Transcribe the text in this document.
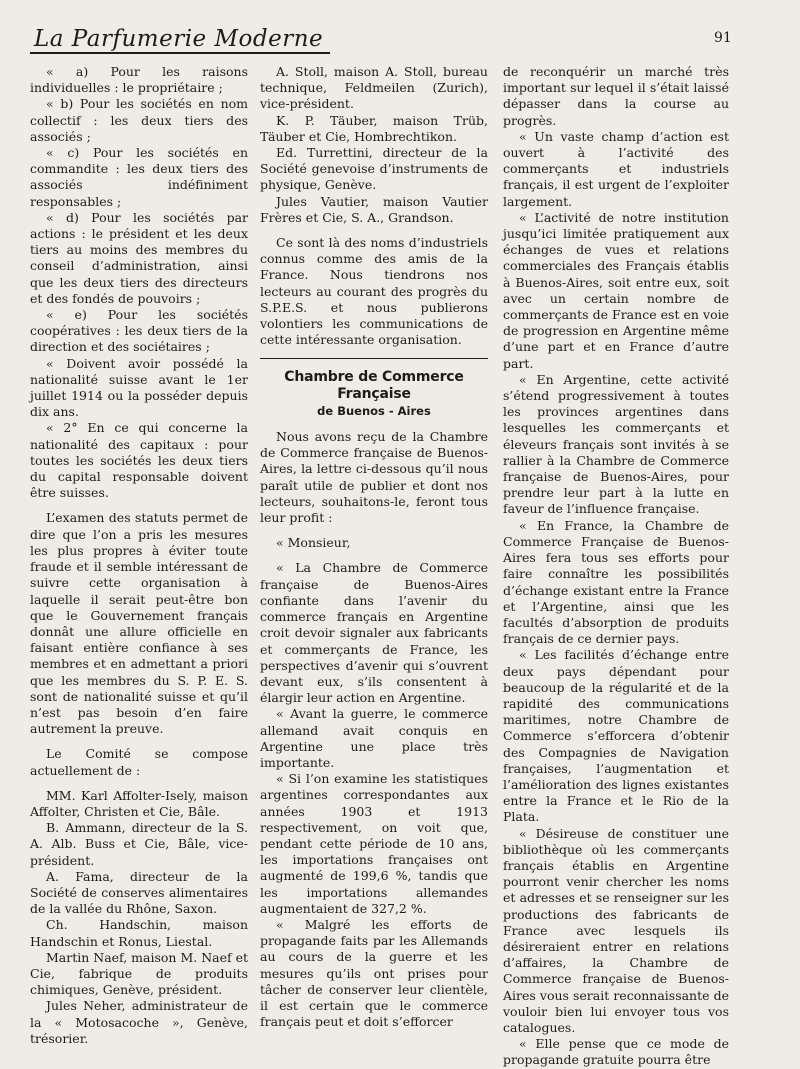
La Parfumerie Moderne	91

« a) Pour les raisons individuelles : le propriétaire ;

« b) Pour les sociétés en nom collectif : les deux tiers des associés ;

« c) Pour les sociétés en commandite : les deux tiers des associés indéfiniment responsables ;

« d) Pour les sociétés par actions : le président et les deux tiers au moins des membres du conseil d’administration, ainsi que les deux tiers des directeurs et des fondés de pouvoirs ;

« e) Pour les sociétés coopératives : les deux tiers de la direction et des sociétaires ;

« Doivent avoir possédé la nationalité suisse avant le 1er juillet 1914 ou la posséder depuis dix ans.

« 2° En ce qui concerne la nationalité des capitaux : pour toutes les sociétés les deux tiers du capital responsable doivent être suisses.

L’examen des statuts permet de dire que l’on a pris les mesures les plus propres à éviter toute fraude et il semble intéressant de suivre cette organisation à laquelle il serait peut-être bon que le Gouvernement français donnât une allure officielle en faisant entière confiance à ses membres et en admettant a priori que les membres du S. P. E. S. sont de nationalité suisse et qu’il n’est pas besoin d’en faire autrement la preuve.

Le Comité se compose actuellement de :

MM. Karl Affolter-Isely, maison Affolter, Christen et Cie, Bâle.

B. Ammann, directeur de la S. A. Alb. Buss et Cie, Bâle, vice-président.

A. Fama, directeur de la Société de conserves alimentaires de la vallée du Rhône, Saxon.

Ch. Handschin, maison Handschin et Ronus, Liestal.

Martin Naef, maison M. Naef et Cie, fabrique de produits chimiques, Genève, président.

Jules Neher, administrateur de la « Motosacoche », Genève, trésorier.

A. Stoll, maison A. Stoll, bureau technique, Feldmeilen (Zurich), vice-président.

K. P. Täuber, maison Trüb, Täuber et Cie, Hombrechtikon.

Ed. Turrettini, directeur de la Société genevoise d’instruments de physique, Genève.

Jules Vautier, maison Vautier Frères et Cie, S. A., Grandson.

Ce sont là des noms d’industriels connus comme des amis de la France. Nous tiendrons nos lecteurs au courant des progrès du S.P.E.S. et nous publierons volontiers les communications de cette intéressante organisation.

Chambre de Commerce Française
de Buenos - Aires

Nous avons reçu de la Chambre de Commerce française de Buenos-Aires, la lettre ci-dessous qu’il nous paraît utile de publier et dont nos lecteurs, souhaitons-le, feront tous leur profit :

« Monsieur,

« La Chambre de Commerce française de Buenos-Aires confiante dans l’avenir du commerce français en Argentine croit devoir signaler aux fabricants et commerçants de France, les perspectives d’avenir qui s’ouvrent devant eux, s’ils consentent à élargir leur action en Argentine.

« Avant la guerre, le commerce allemand avait conquis en Argentine une place très importante.

« Si l’on examine les statistiques argentines correspondantes aux années 1903 et 1913 respectivement, on voit que, pendant cette période de 10 ans, les importations françaises ont augmenté de 199,6 %, tandis que les importations allemandes augmentaient de 327,2 %.

« Malgré les efforts de propagande faits par les Allemands au cours de la guerre et les mesures qu’ils ont prises pour tâcher de conserver leur clientèle, il est certain que le commerce français peut et doit s’efforcer

de reconquérir un marché très important sur lequel il s’était laissé dépasser dans la course au progrès.

« Un vaste champ d’action est ouvert à l’activité des commerçants et industriels français, il est urgent de l’exploiter largement.

« L’activité de notre institution jusqu’ici limitée pratiquement aux échanges de vues et relations commerciales des Français établis à Buenos-Aires, soit entre eux, soit avec un certain nombre de commerçants de France est en voie de progression en Argentine même d’une part et en France d’autre part.

« En Argentine, cette activité s’étend progressivement à toutes les provinces argentines dans lesquelles les commerçants et éleveurs français sont invités à se rallier à la Chambre de Commerce française de Buenos-Aires, pour prendre leur part à la lutte en faveur de l’influence française.

« En France, la Chambre de Commerce Française de Buenos-Aires fera tous ses efforts pour faire connaître les possibilités d’échange existant entre la France et l’Argentine, ainsi que les facultés d’absorption de produits français de ce dernier pays.

« Les facilités d’échange entre deux pays dépendant pour beaucoup de la régularité et de la rapidité des communications maritimes, notre Chambre de Commerce s’efforcera d’obtenir des Compagnies de Navigation françaises, l’augmentation et l’amélioration des lignes existantes entre la France et le Rio de la Plata.

« Désireuse de constituer une bibliothèque où les commerçants français établis en Argentine pourront venir chercher les noms et adresses et se renseigner sur les productions des fabricants de France avec lesquels ils désireraient entrer en relations d’affaires, la Chambre de Commerce française de Buenos-Aires vous serait reconnaissante de vouloir bien lui envoyer tous vos catalogues.

« Elle pense que ce mode de propagande gratuite pourra être
